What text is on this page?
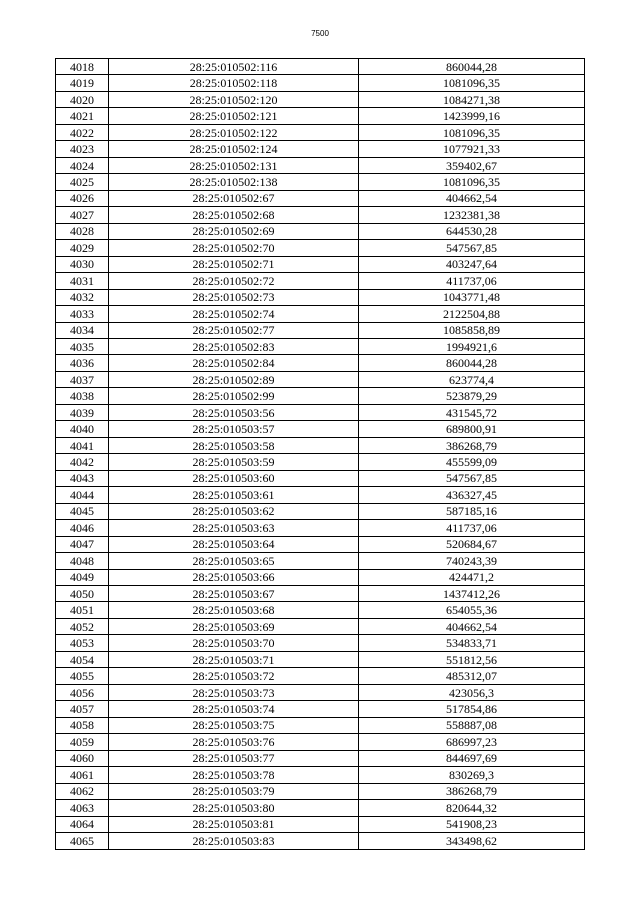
7500
4018	28:25:010502:116	860044,28
4019	28:25:010502:118	1081096,35
4020	28:25:010502:120	1084271,38
4021	28:25:010502:121	1423999,16
4022	28:25:010502:122	1081096,35
4023	28:25:010502:124	1077921,33
4024	28:25:010502:131	359402,67
4025	28:25:010502:138	1081096,35
4026	28:25:010502:67	404662,54
4027	28:25:010502:68	1232381,38
4028	28:25:010502:69	644530,28
4029	28:25:010502:70	547567,85
4030	28:25:010502:71	403247,64
4031	28:25:010502:72	411737,06
4032	28:25:010502:73	1043771,48
4033	28:25:010502:74	2122504,88
4034	28:25:010502:77	1085858,89
4035	28:25:010502:83	1994921,6
4036	28:25:010502:84	860044,28
4037	28:25:010502:89	623774,4
4038	28:25:010502:99	523879,29
4039	28:25:010503:56	431545,72
4040	28:25:010503:57	689800,91
4041	28:25:010503:58	386268,79
4042	28:25:010503:59	455599,09
4043	28:25:010503:60	547567,85
4044	28:25:010503:61	436327,45
4045	28:25:010503:62	587185,16
4046	28:25:010503:63	411737,06
4047	28:25:010503:64	520684,67
4048	28:25:010503:65	740243,39
4049	28:25:010503:66	424471,2
4050	28:25:010503:67	1437412,26
4051	28:25:010503:68	654055,36
4052	28:25:010503:69	404662,54
4053	28:25:010503:70	534833,71
4054	28:25:010503:71	551812,56
4055	28:25:010503:72	485312,07
4056	28:25:010503:73	423056,3
4057	28:25:010503:74	517854,86
4058	28:25:010503:75	558887,08
4059	28:25:010503:76	686997,23
4060	28:25:010503:77	844697,69
4061	28:25:010503:78	830269,3
4062	28:25:010503:79	386268,79
4063	28:25:010503:80	820644,32
4064	28:25:010503:81	541908,23
4065	28:25:010503:83	343498,62
